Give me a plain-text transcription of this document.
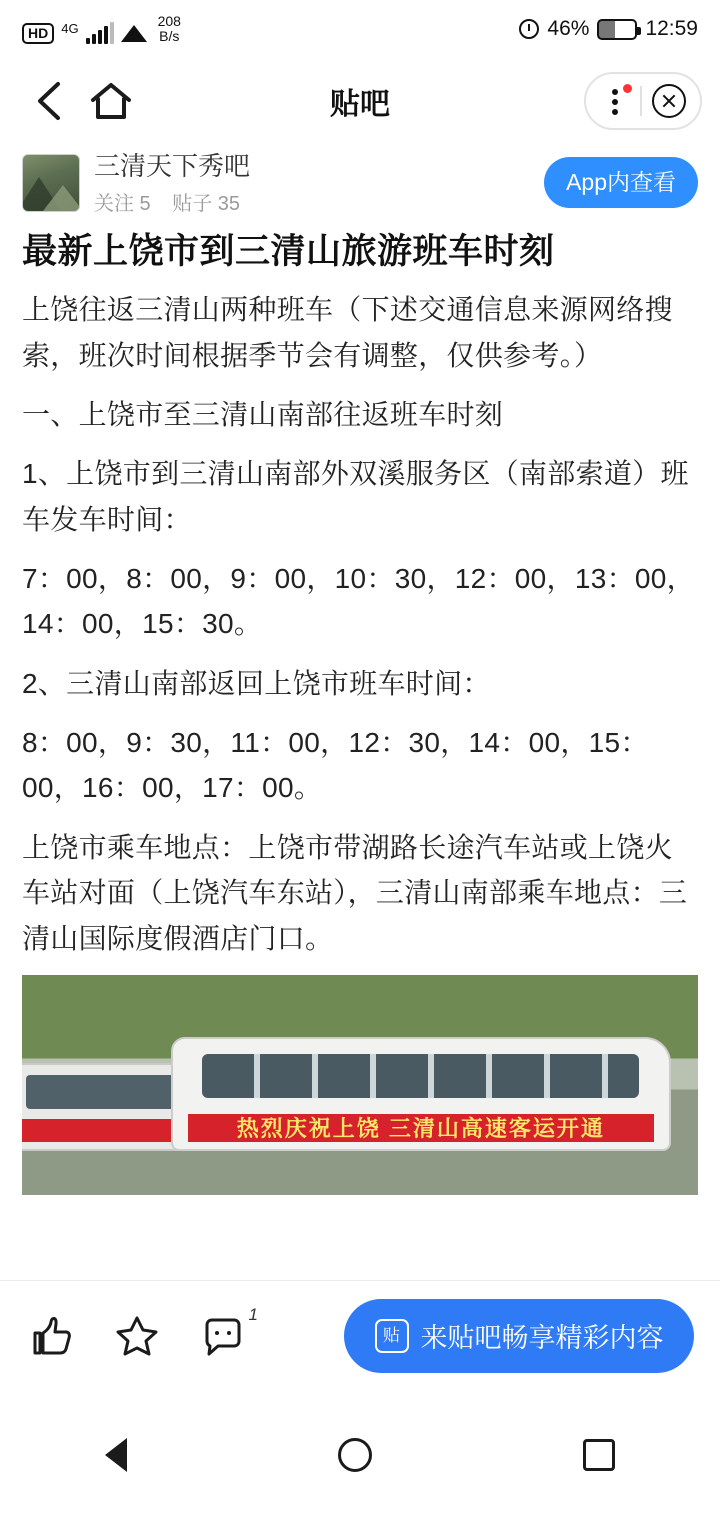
HD	4G	208
B/s	46%	12:59
贴吧
三清天下秀吧
关注 5 贴子 35
App内查看
最新上饶市到三清山旅游班车时刻

上饶往返三清山两种班车（下述交通信息来源网络搜索，班次时间根据季节会有调整，仅供参考。）

一、上饶市至三清山南部往返班车时刻

1、上饶市到三清山南部外双溪服务区（南部索道）班车发车时间：

7：00，8：00，9：00，10：30，12：00，13：00，14：00，15：30。

2、三清山南部返回上饶市班车时间：

8：00，9：30，11：00，12：30，14：00，15：00，16：00，17：00。

上饶市乘车地点：上饶市带湖路长途汽车站或上饶火车站对面（上饶汽车东站），三清山南部乘车地点：三清山国际度假酒店门口。

热烈庆祝上饶 三清山高速客运开通
1
贴 来贴吧畅享精彩内容
